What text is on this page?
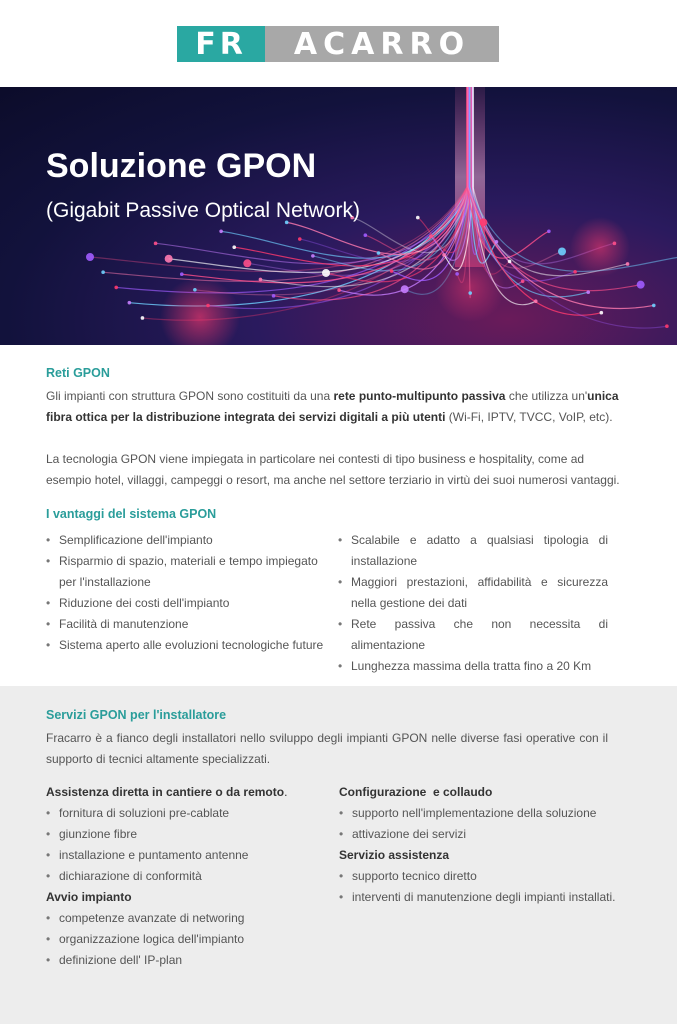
FR	ACARRO
Soluzione GPON
(Gigabit Passive Optical Network)
Reti GPON
Gli impianti con struttura GPON sono costituiti da una rete punto-multipunto passiva che utilizza un'unica fibra ottica per la distribuzione integrata dei servizi digitali a più utenti (Wi-Fi, IPTV, TVCC, VoIP, etc).
La tecnologia GPON viene impiegata in particolare nei contesti di tipo business e hospitality, come ad esempio hotel, villaggi, campeggi o resort, ma anche nel settore terziario in virtù dei suoi numerosi vantaggi.
I vantaggi del sistema GPON
• Semplificazione dell'impianto
• Risparmio di spazio, materiali e tempo impiegato per l'installazione
• Riduzione dei costi dell'impianto
• Facilità di manutenzione
• Sistema aperto alle evoluzioni tecnologiche future
• Scalabile e adatto a qualsiasi tipologia di installazione
• Maggiori prestazioni, affidabilità e sicurezza nella gestione dei dati
• Rete passiva che non necessita di alimentazione
• Lunghezza massima della tratta fino a 20 Km
Servizi GPON per l'installatore
Fracarro è a fianco degli installatori nello sviluppo degli impianti GPON nelle diverse fasi operative con il supporto di tecnici altamente specializzati.
Assistenza diretta in cantiere o da remoto.
• fornitura di soluzioni pre-cablate
• giunzione fibre
• installazione e puntamento antenne
• dichiarazione di conformità
Avvio impianto
• competenze avanzate di networing
• organizzazione logica dell'impianto
• definizione dell' IP-plan
Configurazione  e collaudo
• supporto nell'implementazione della soluzione
• attivazione dei servizi
Servizio assistenza
• supporto tecnico diretto
• interventi di manutenzione degli impianti installati.
